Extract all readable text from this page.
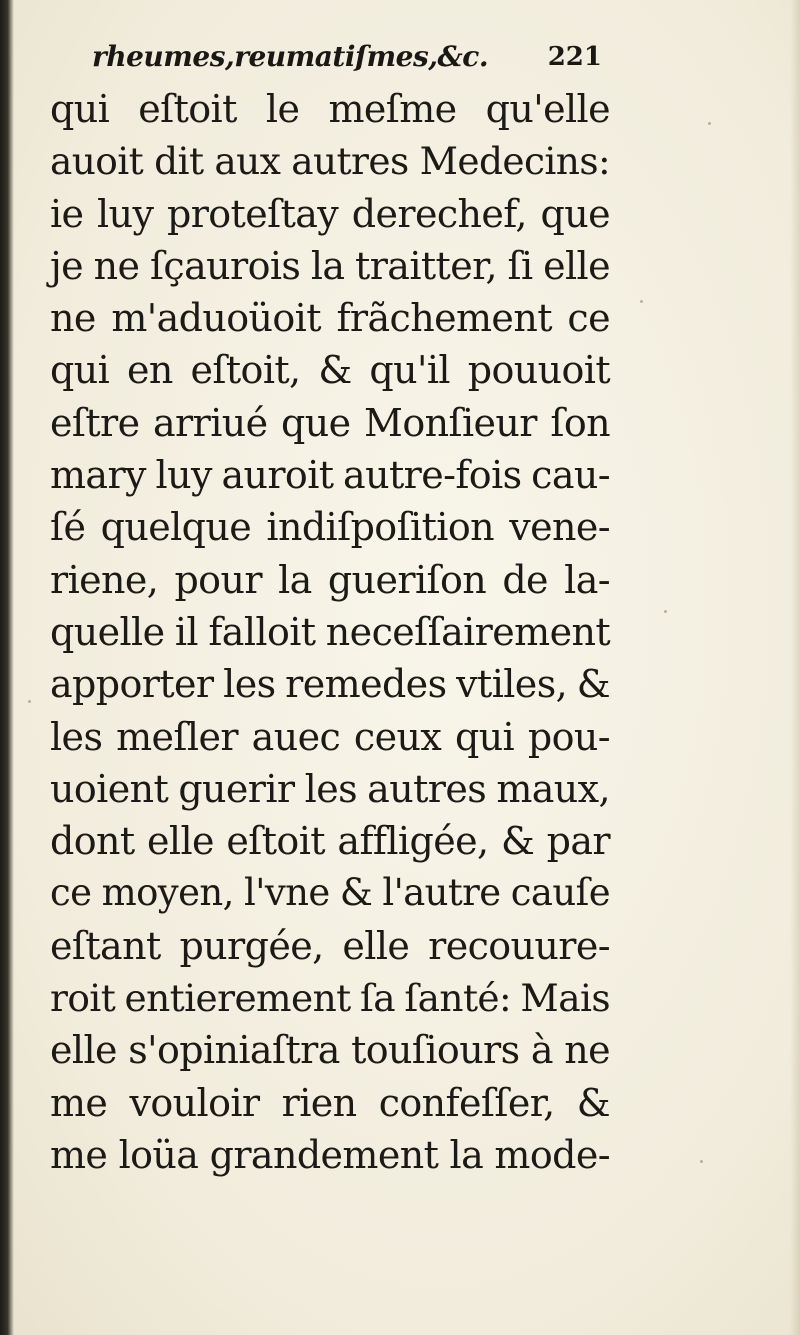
rheumes,reumatiſmes,&c. 221
qui eſtoit le meſme qu'elle
auoit dit aux autres Medecins:
ie luy proteſtay derechef, que
je ne ſçaurois la traitter, ſi elle
ne m'aduoüoit frãchement ce
qui en eſtoit, & qu'il pouuoit
eſtre arriué que Monſieur ſon
mary luy auroit autre-fois cau-
ſé quelque indiſpoſition vene-
riene, pour la gueriſon de la-
quelle il falloit neceſſairement
apporter les remedes vtiles, &
les meſler auec ceux qui pou-
uoient guerir les autres maux,
dont elle eſtoit affligée, & par
ce moyen, l'vne & l'autre cauſe
eſtant purgée, elle recouure-
roit entierement ſa ſanté: Mais
elle s'opiniaſtra touſiours à ne
me vouloir rien confeſſer, &
me loüa grandement la mode-
